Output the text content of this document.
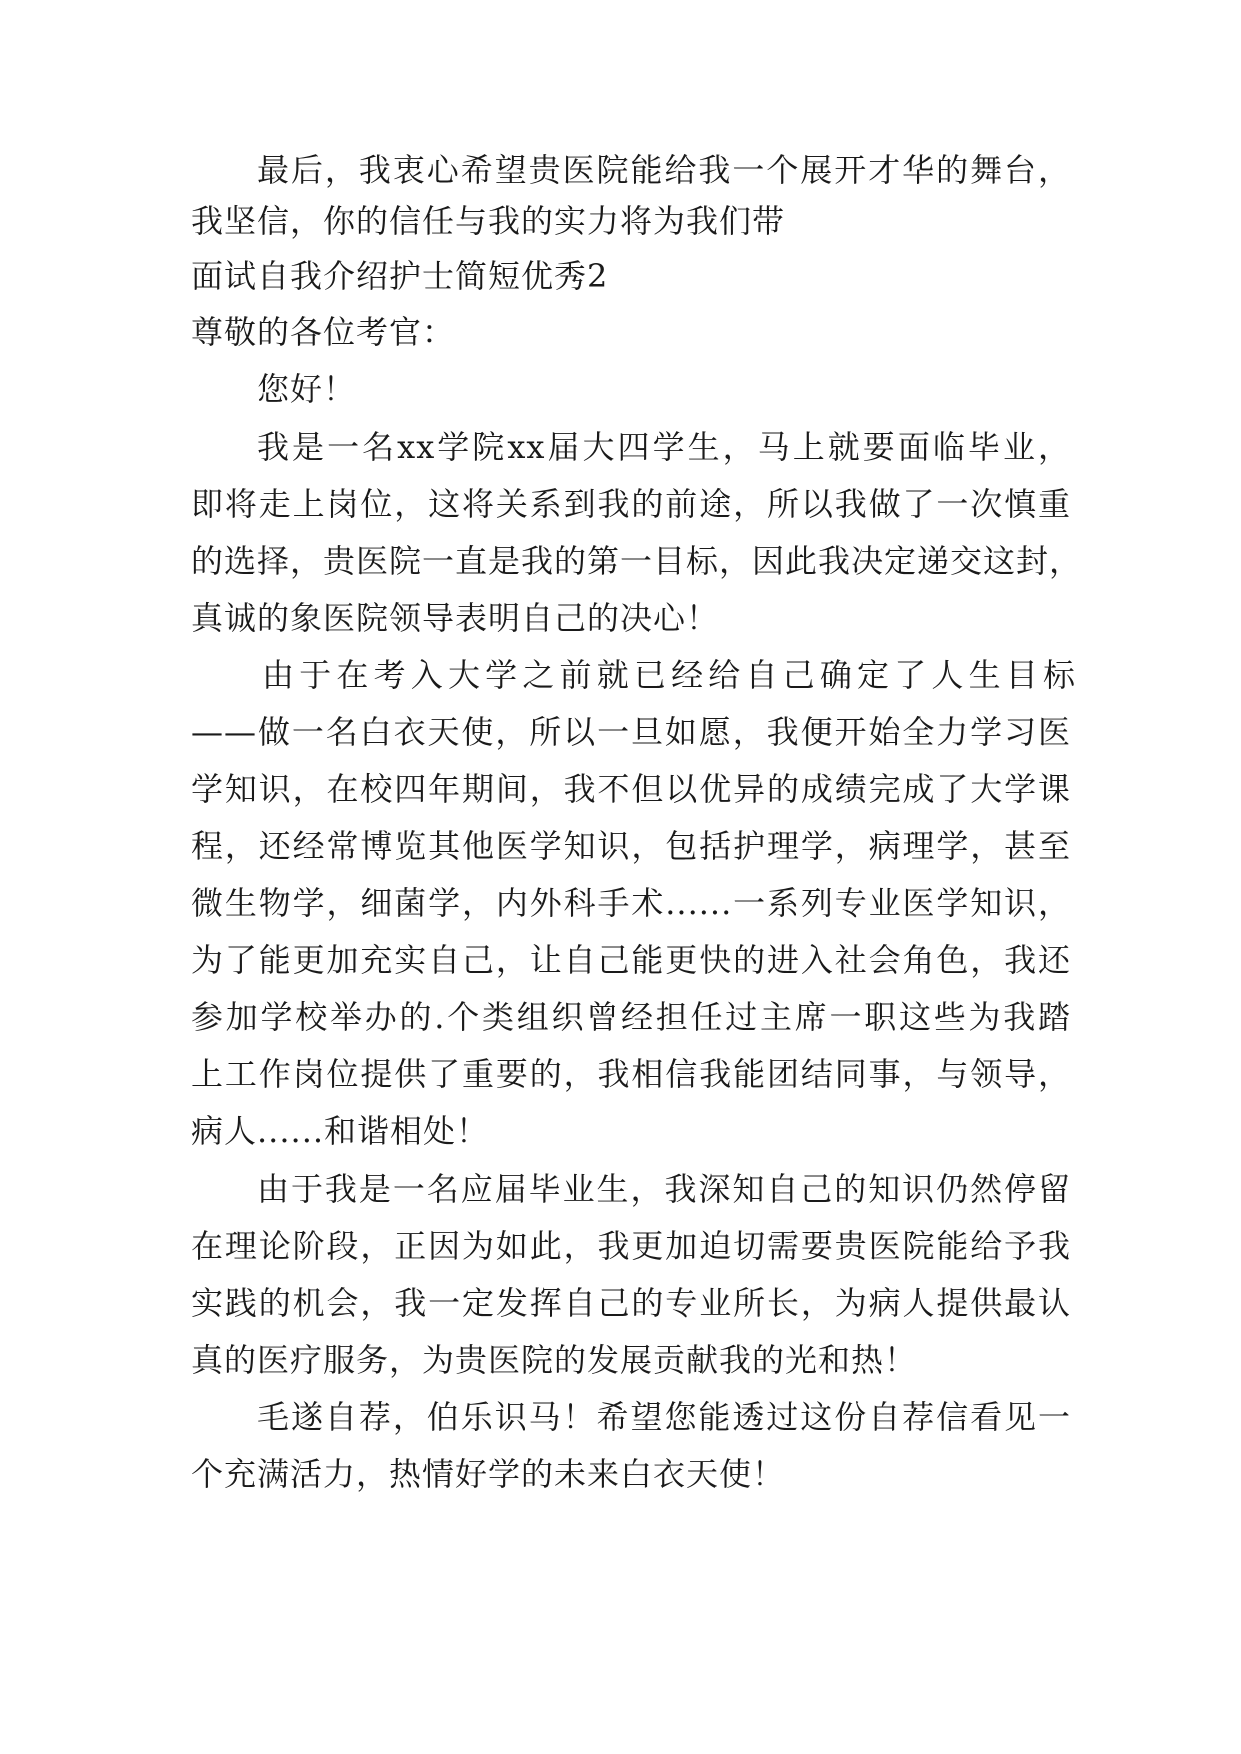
最后，我衷心希望贵医院能给我一个展开才华的舞台，
我坚信，你的信任与我的实力将为我们带
面试自我介绍护士简短优秀2
尊敬的各位考官：
您好！
我是一名xx学院xx届大四学生，马上就要面临毕业，
即将走上岗位，这将关系到我的前途，所以我做了一次慎重
的选择，贵医院一直是我的第一目标，因此我决定递交这封，
真诚的象医院领导表明自己的决心！
由于在考入大学之前就已经给自己确定了人生目标
——做一名白衣天使，所以一旦如愿，我便开始全力学习医
学知识，在校四年期间，我不但以优异的成绩完成了大学课
程，还经常博览其他医学知识，包括护理学，病理学，甚至
微生物学，细菌学，内外科手术......一系列专业医学知识，
为了能更加充实自己，让自己能更快的进入社会角色，我还
参加学校举办的.个类组织曾经担任过主席一职这些为我踏
上工作岗位提供了重要的，我相信我能团结同事，与领导，
病人......和谐相处！
由于我是一名应届毕业生，我深知自己的知识仍然停留
在理论阶段，正因为如此，我更加迫切需要贵医院能给予我
实践的机会，我一定发挥自己的专业所长，为病人提供最认
真的医疗服务，为贵医院的发展贡献我的光和热！
毛遂自荐，伯乐识马！希望您能透过这份自荐信看见一
个充满活力，热情好学的未来白衣天使！
